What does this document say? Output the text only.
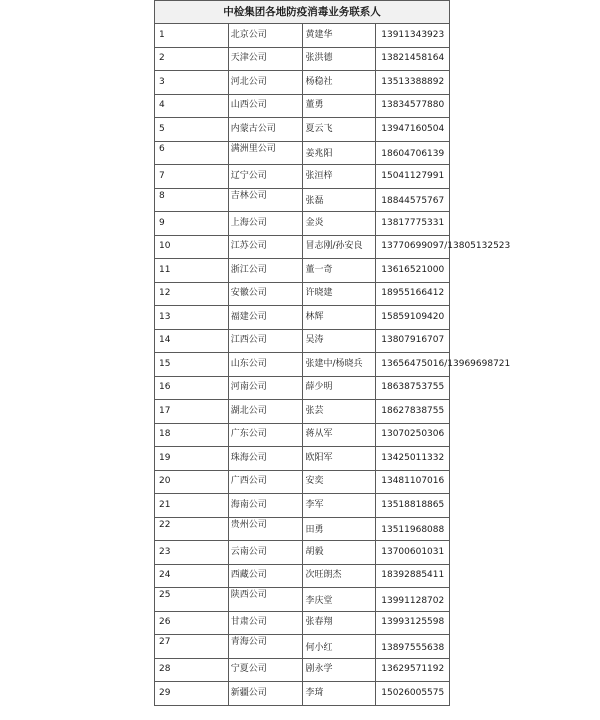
中检集团各地防疫消毒业务联系人			
1	北京公司	黄建华	13911343923
2	天津公司	张洪德	13821458164
3	河北公司	杨稳社	13513388892
4	山西公司	董勇	13834577880
5	内蒙古公司	夏云飞	13947160504
6	满洲里公司	姜兆阳	18604706139
7	辽宁公司	张洹梓	15041127991
8	吉林公司	张磊	18844575767
9	上海公司	金炎	13817775331
10	江苏公司	冒志刚/孙安良	13770699097/13805132523
11	浙江公司	董一奇	13616521000
12	安徽公司	许晓建	18955166412
13	福建公司	林辉	15859109420
14	江西公司	吴涛	13807916707
15	山东公司	张建中/杨晓兵	13656475016/13969698721
16	河南公司	薛少明	18638753755
17	湖北公司	张芸	18627838755
18	广东公司	蒋从军	13070250306
19	珠海公司	欧阳军	13425011332
20	广西公司	安奕	13481107016
21	海南公司	李军	13518818865
22	贵州公司	田勇	13511968088
23	云南公司	胡毅	13700601031
24	西藏公司	次旺朗杰	18392885411
25	陕西公司	李庆堂	13991128702
26	甘肃公司	张春翔	13993125598
27	青海公司	何小红	13897555638
28	宁夏公司	剧永学	13629571192
29	新疆公司	李琦	15026005575
